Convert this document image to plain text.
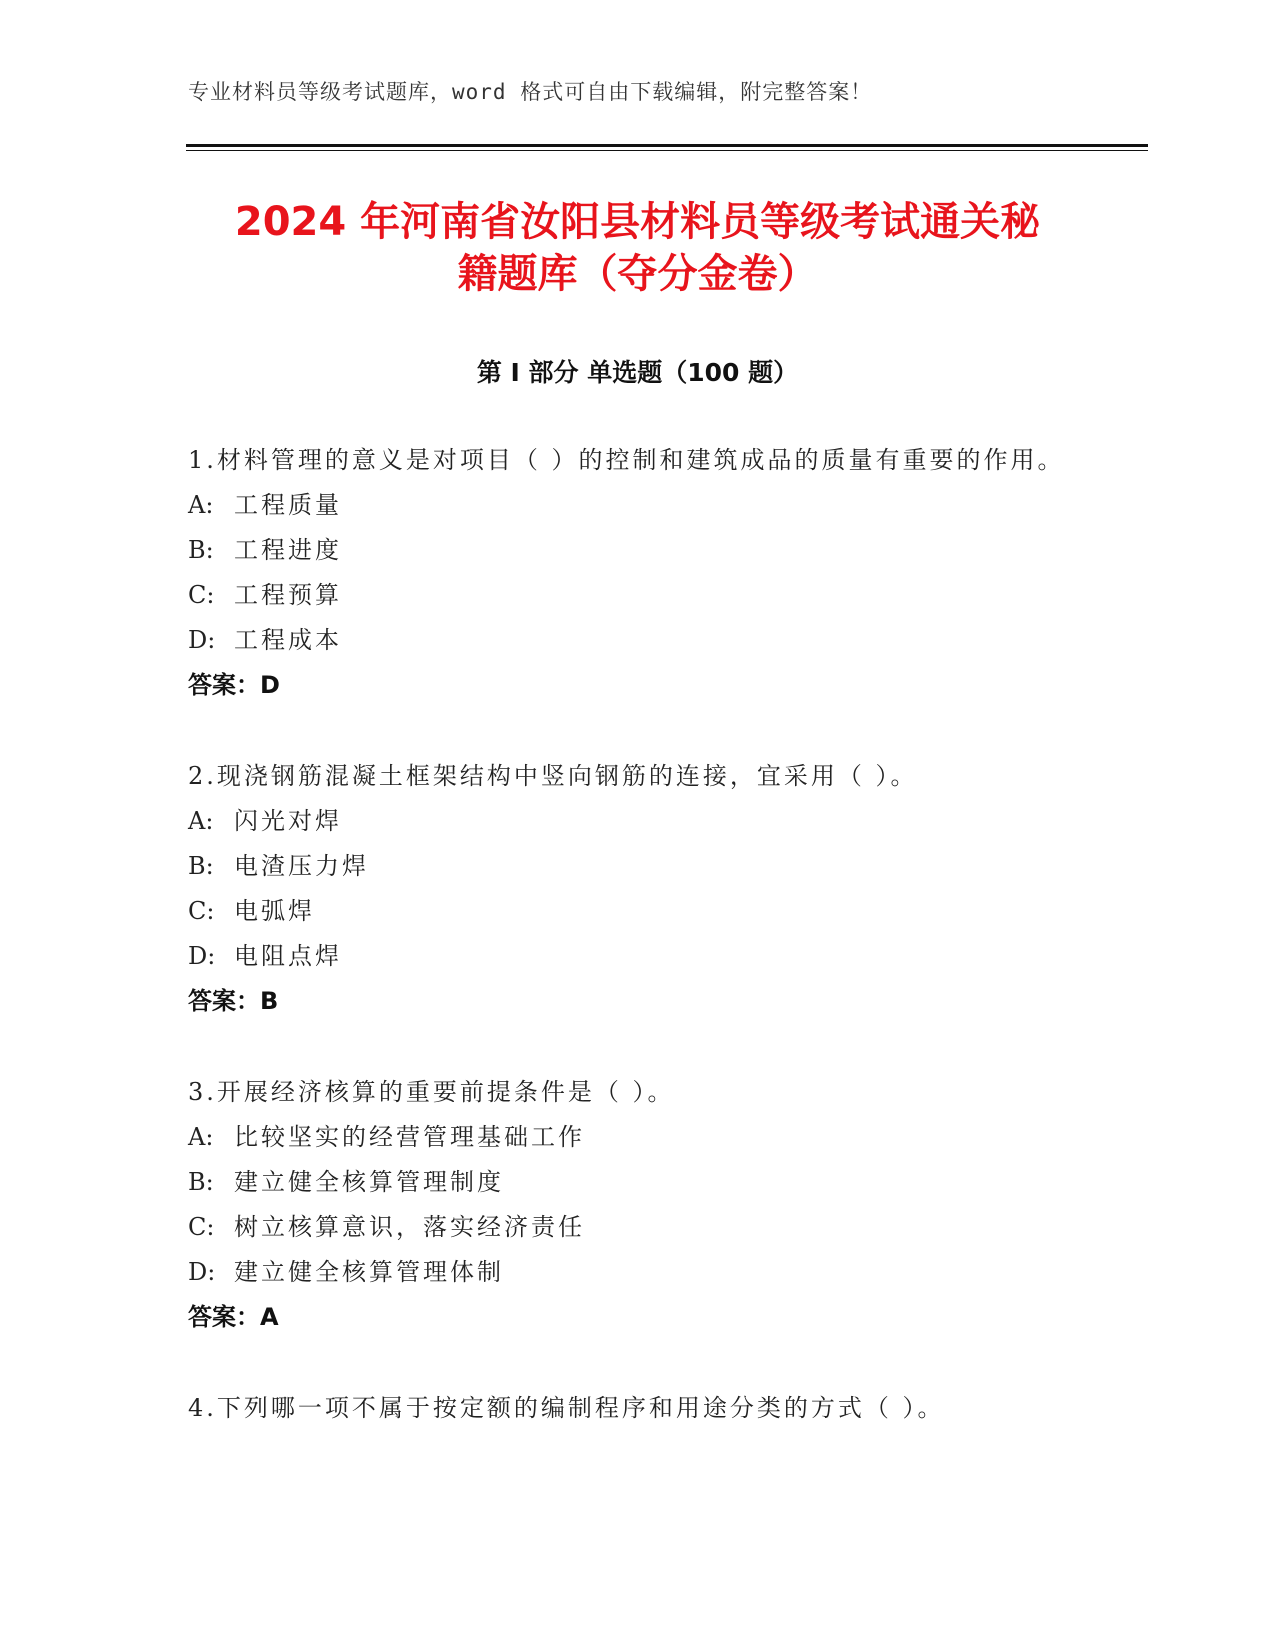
专业材料员等级考试题库，word 格式可自由下载编辑，附完整答案！
2024 年河南省汝阳县材料员等级考试通关秘
籍题库（夺分金卷）
第 I 部分 单选题（100 题）
1.材料管理的意义是对项目（ ）的控制和建筑成品的质量有重要的作用。
A: 工程质量
B: 工程进度
C: 工程预算
D: 工程成本
答案：D
2.现浇钢筋混凝土框架结构中竖向钢筋的连接，宜采用（ ）。
A: 闪光对焊
B: 电渣压力焊
C: 电弧焊
D: 电阻点焊
答案：B
3.开展经济核算的重要前提条件是（ ）。
A: 比较坚实的经营管理基础工作
B: 建立健全核算管理制度
C: 树立核算意识，落实经济责任
D: 建立健全核算管理体制
答案：A
4.下列哪一项不属于按定额的编制程序和用途分类的方式（ ）。
